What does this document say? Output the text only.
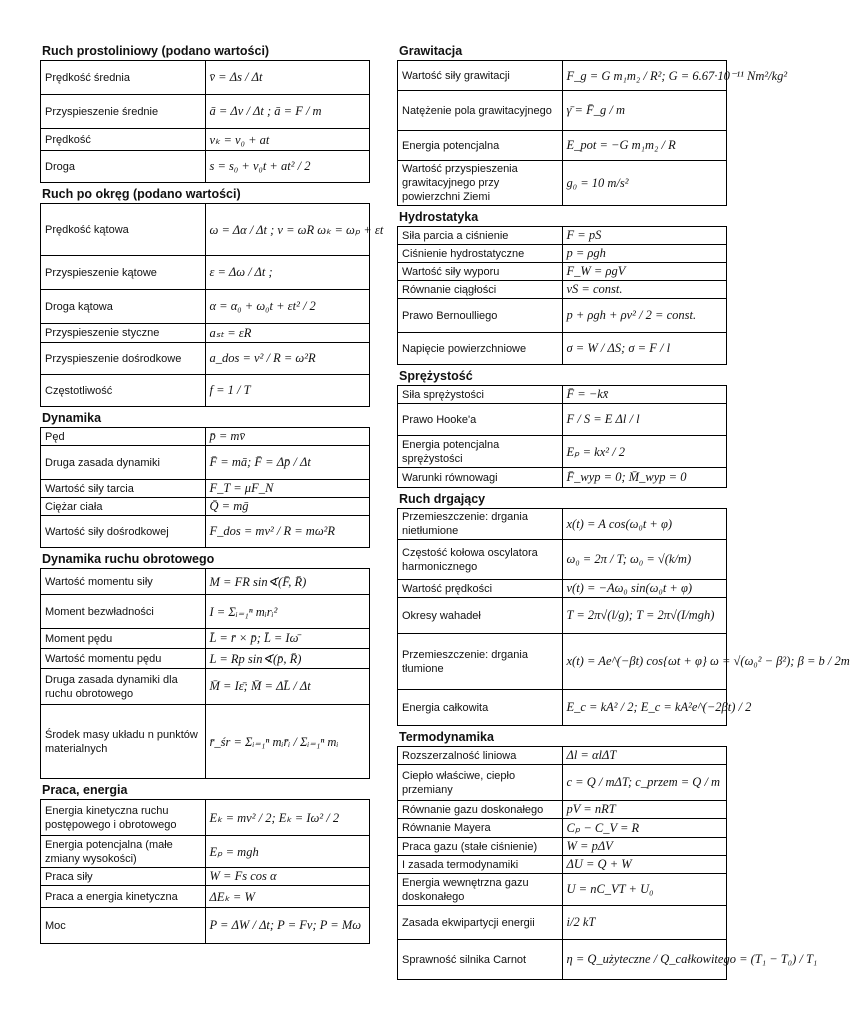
Ruch prostoliniowy (podano wartości)
Prędkość średnia	v̄ = Δs / Δt
Przyspieszenie średnie	ā = Δv / Δt ; ā = F / m
Prędkość	vₖ = v₀ + at
Droga	s = s₀ + v₀t + at² / 2
Ruch po okręg (podano wartości)
Prędkość kątowa	ω = Δα / Δt ; v = ωR ωₖ = ωₚ + εt
Przyspieszenie kątowe	ε = Δω / Δt ;
Droga kątowa	α = α₀ + ω₀t + εt² / 2
Przyspieszenie styczne	aₛₜ = εR
Przyspieszenie dośrodkowe	a_dos = v² / R = ω²R
Częstotliwość	f = 1 / T
Dynamika
Pęd	p̄ = mv̄
Druga zasada dynamiki	F̄ = mā; F̄ = Δp̄ / Δt
Wartość siły tarcia	F_T = μF_N
Ciężar ciała	Q̄ = mḡ
Wartość siły dośrodkowej	F_dos = mv² / R = mω²R
Dynamika ruchu obrotowego
Wartość momentu siły	M = FR sin∢(F̄, R̄)
Moment bezwładności	I = Σᵢ₌₁ⁿ mᵢrᵢ²
Moment pędu	L̄ = r̄ × p̄; L̄ = Iω̄
Wartość momentu pędu	L = Rp sin∢(p̄, R̄)
Druga zasada dynamiki dla ruchu obrotowego	M̄ = Iε̄; M̄ = ΔL̄ / Δt
Środek masy układu n punktów materialnych	r̄_śr = Σᵢ₌₁ⁿ mᵢr̄ᵢ / Σᵢ₌₁ⁿ mᵢ
Praca, energia
Energia kinetyczna ruchu postępowego i obrotowego	Eₖ = mv² / 2; Eₖ = Iω² / 2
Energia potencjalna (małe zmiany wysokości)	Eₚ = mgh
Praca siły	W = Fs cos α
Praca a energia kinetyczna	ΔEₖ = W
Moc	P = ΔW / Δt; P = Fv; P = Mω
Grawitacja
Wartość siły grawitacji	F_g = G m₁m₂ / R²; G = 6.67·10⁻¹¹ Nm²/kg²
Natężenie pola grawitacyjnego	γ̄ = F̄_g / m
Energia potencjalna	E_pot = −G m₁m₂ / R
Wartość przyspieszenia grawitacyjnego przy powierzchni Ziemi	g₀ = 10 m/s²
Hydrostatyka
Siła parcia a ciśnienie	F = pS
Ciśnienie hydrostatyczne	p = ρgh
Wartość siły wyporu	F_W = ρgV
Równanie ciągłości	vS = const.
Prawo Bernoulliego	p + ρgh + ρv² / 2 = const.
Napięcie powierzchniowe	σ = W / ΔS; σ = F / l
Sprężystość
Siła sprężystości	F̄ = −kx̄
Prawo Hooke'a	F / S = E Δl / l
Energia potencjalna sprężystości	Eₚ = kx² / 2
Warunki równowagi	F̄_wyp = 0; M̄_wyp = 0
Ruch drgający
Przemieszczenie: drgania nietłumione	x(t) = A cos(ω₀t + φ)
Częstość kołowa oscylatora harmonicznego	ω₀ = 2π / T; ω₀ = √(k/m)
Wartość prędkości	v(t) = −Aω₀ sin(ω₀t + φ)
Okresy wahadeł	T = 2π√(l/g); T = 2π√(I/mgh)
Przemieszczenie: drgania tłumione	x(t) = Ae^(−βt) cos{ωt + φ} ω = √(ω₀² − β²); β = b / 2m
Energia całkowita	E_c = kA² / 2; E_c = kA²e^(−2βt) / 2
Termodynamika
Rozszerzalność liniowa	Δl = αlΔT
Ciepło właściwe, ciepło przemiany	c = Q / mΔT; c_przem = Q / m
Równanie gazu doskonałego	pV = nRT
Równanie Mayera	Cₚ − C_V = R
Praca gazu (stałe ciśnienie)	W = pΔV
I zasada termodynamiki	ΔU = Q + W
Energia wewnętrzna gazu doskonałego	U = nC_VT + U₀
Zasada ekwipartycji energii	i/2 kT
Sprawność silnika Carnot	η = Q_użyteczne / Q_całkowitego = (T₁ − T₀) / T₁
